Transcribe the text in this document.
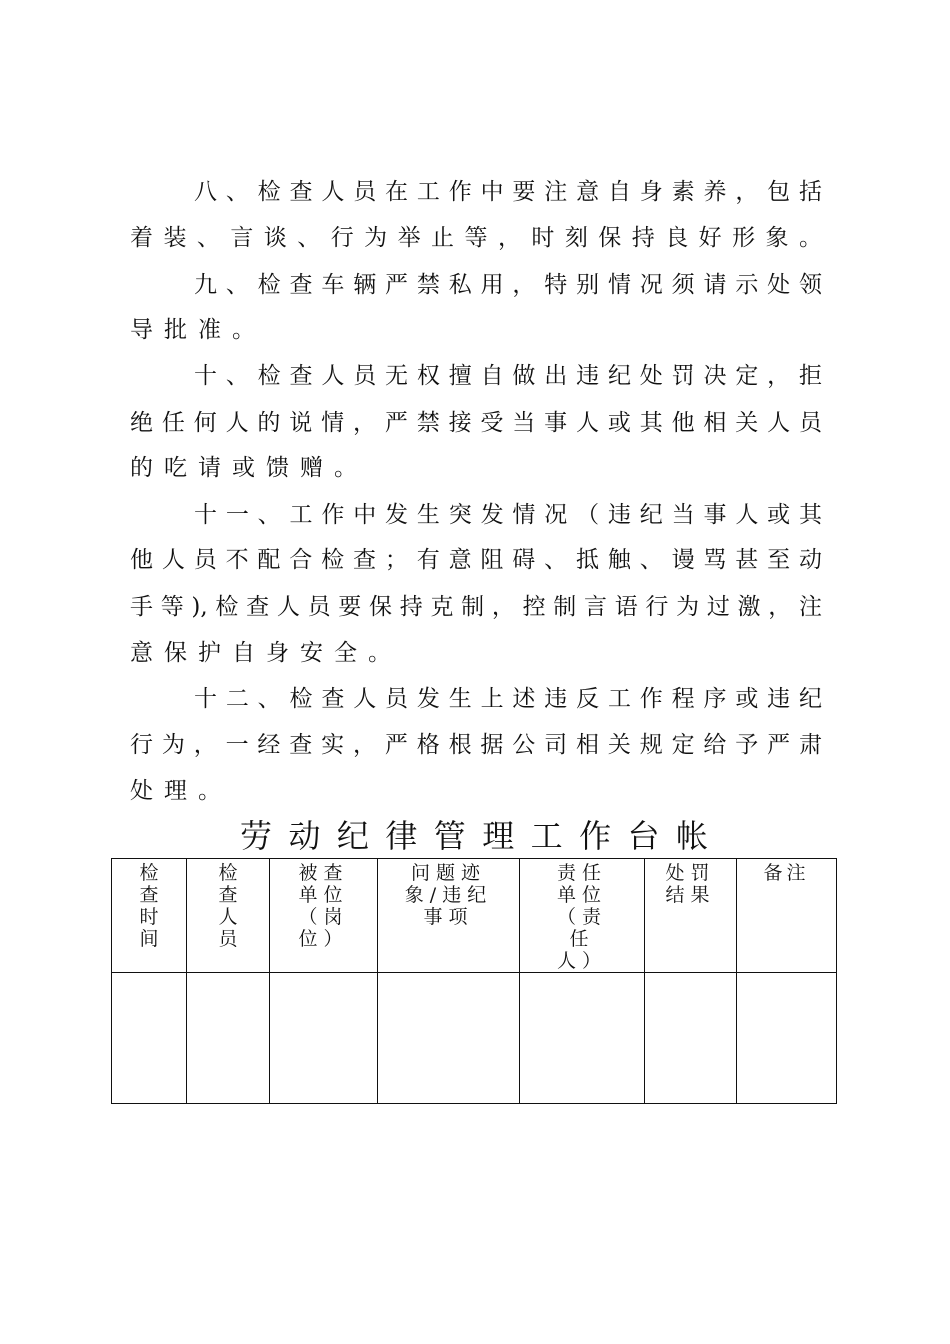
八、检查人员在工作中要注意自身素养，包括
着装、言谈、行为举止等，时刻保持良好形象。
九、检查车辆严禁私用，特别情况须请示处领
导批准。
十、检查人员无权擅自做出违纪处罚决定，拒
绝任何人的说情，严禁接受当事人或其他相关人员
的吃请或馈赠。
十一、工作中发生突发情况（违纪当事人或其
他人员不配合检查；有意阻碍、抵触、谩骂甚至动
手等),检查人员要保持克制，控制言语行为过激，注
意保护自身安全。
十二、检查人员发生上述违反工作程序或违纪
行为，一经查实，严格根据公司相关规定给予严肃
处理。
劳动纪律管理工作台帐
检查时间	检查人员	被查单位（岗位）	问题迹象/违纪事项	责任单位（责任人）	处罚结果	备注
